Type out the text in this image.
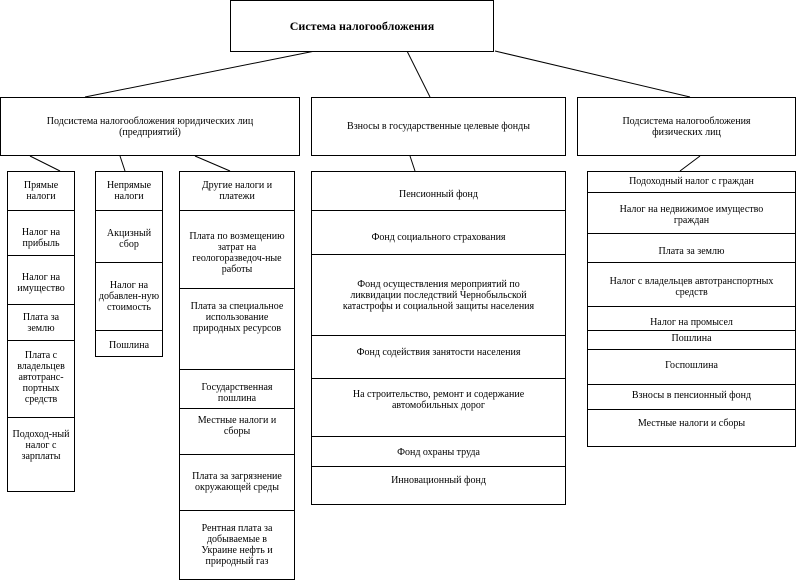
Система налогообложения
Подсистема налогообложения юридических лиц (предприятий)	Взносы в государственные целевые фонды	Подсистема налогообложения физических лиц
Прямые налоги
Налог на прибыль
Налог на имущество
Плата за землю
Плата с владельцев автотранс-портных средств
Подоход-ный налог с зарплаты
Непрямые налоги
Акцизный сбор
Налог на добавлен-ную стоимость
Пошлина
Другие налоги и платежи
Плата по возмещению затрат на геологоразведоч-ные работы
Плата за специальное использование природных ресурсов
Государственная пошлина
Местные налоги и сборы
Плата за загрязнение окружающей среды
Рентная плата за добываемые в Украине нефть и природный газ
Пенсионный фонд
Фонд социального страхования
Фонд осуществления мероприятий по ликвидации последствий Чернобыльской катастрофы и социальной защиты населения
Фонд содействия занятости населения
На строительство, ремонт и содержание автомобильных дорог
Фонд охраны труда
Инновационный фонд
Подоходный налог с граждан
Налог на недвижимое имущество граждан
Плата за землю
Налог с владельцев автотранспортных средств
Налог на промысел
Пошлина
Госпошлина
Взносы в пенсионный фонд
Местные налоги и сборы
